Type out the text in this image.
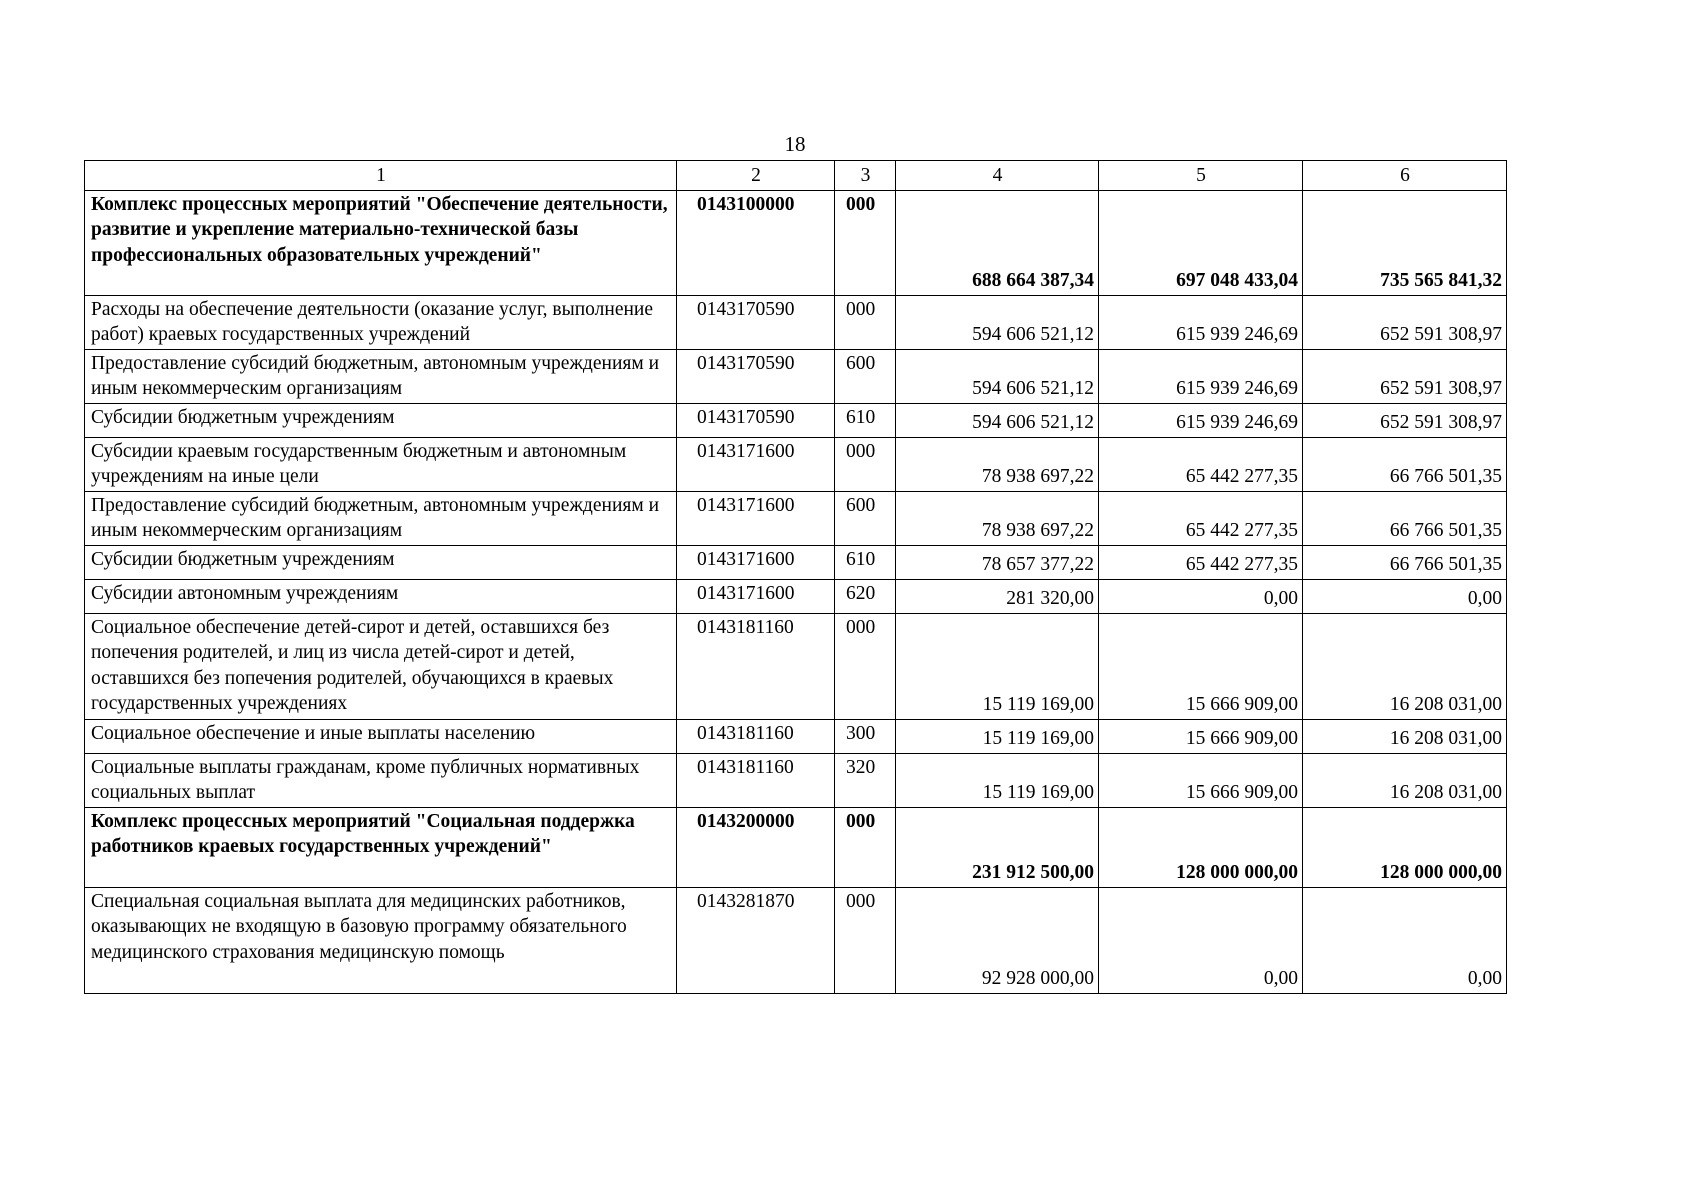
18
1	2	3	4	5	6
Комплекс процессных мероприятий "Обеспечение деятельности, развитие и укрепление материально-технической базы профессиональных образовательных учреждений"	0143100000	000	688 664 387,34	697 048 433,04	735 565 841,32
Расходы на обеспечение деятельности (оказание услуг, выполнение работ) краевых государственных учреждений	0143170590	000	594 606 521,12	615 939 246,69	652 591 308,97
Предоставление субсидий бюджетным, автономным учреждениям и иным некоммерческим организациям	0143170590	600	594 606 521,12	615 939 246,69	652 591 308,97
Субсидии бюджетным учреждениям	0143170590	610	594 606 521,12	615 939 246,69	652 591 308,97
Субсидии краевым государственным бюджетным и автономным учреждениям на иные цели	0143171600	000	78 938 697,22	65 442 277,35	66 766 501,35
Предоставление субсидий бюджетным, автономным учреждениям и иным некоммерческим организациям	0143171600	600	78 938 697,22	65 442 277,35	66 766 501,35
Субсидии бюджетным учреждениям	0143171600	610	78 657 377,22	65 442 277,35	66 766 501,35
Субсидии автономным учреждениям	0143171600	620	281 320,00	0,00	0,00
Социальное обеспечение детей-сирот и детей, оставшихся без попечения родителей, и лиц из числа детей-сирот и детей, оставшихся без попечения родителей, обучающихся в краевых государственных учреждениях	0143181160	000	15 119 169,00	15 666 909,00	16 208 031,00
Социальное обеспечение и иные выплаты населению	0143181160	300	15 119 169,00	15 666 909,00	16 208 031,00
Социальные выплаты гражданам, кроме публичных нормативных социальных выплат	0143181160	320	15 119 169,00	15 666 909,00	16 208 031,00
Комплекс процессных мероприятий "Социальная поддержка работников краевых государственных учреждений"	0143200000	000	231 912 500,00	128 000 000,00	128 000 000,00
Специальная социальная выплата для медицинских работников, оказывающих не входящую в базовую программу обязательного медицинского страхования медицинскую помощь	0143281870	000	92 928 000,00	0,00	0,00
